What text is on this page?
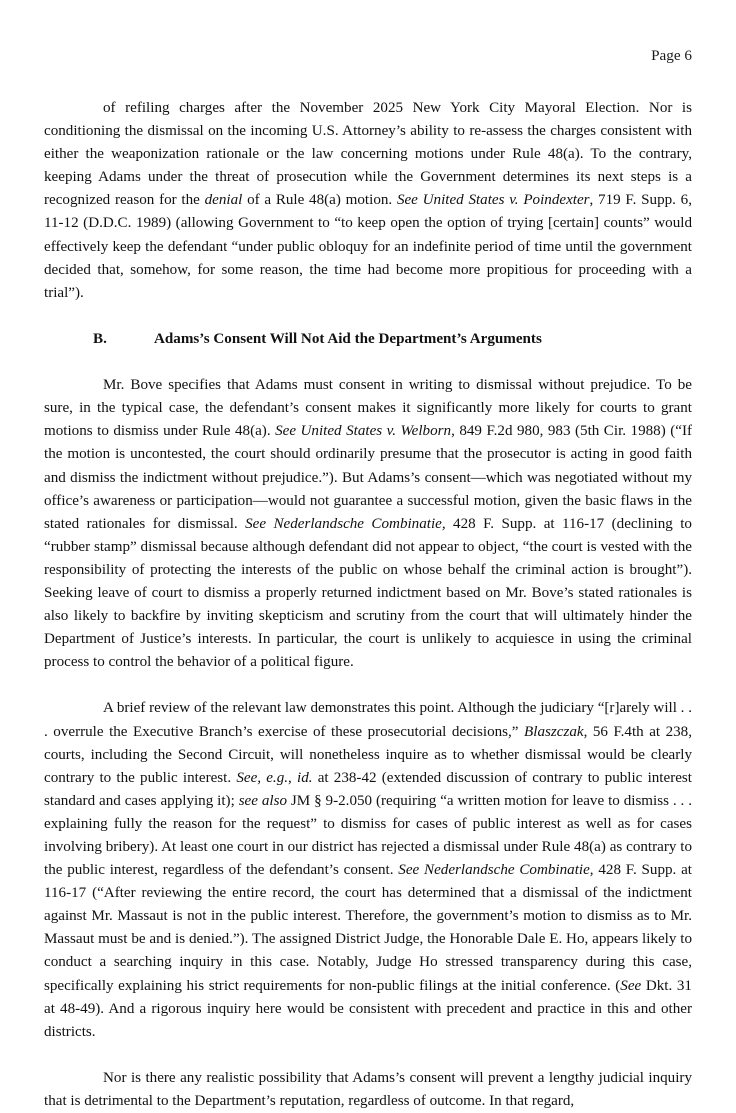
Page 6

of refiling charges after the November 2025 New York City Mayoral Election. Nor is conditioning the dismissal on the incoming U.S. Attorney’s ability to re-assess the charges consistent with either the weaponization rationale or the law concerning motions under Rule 48(a). To the contrary, keeping Adams under the threat of prosecution while the Government determines its next steps is a recognized reason for the denial of a Rule 48(a) motion. See United States v. Poindexter, 719 F. Supp. 6, 11-12 (D.D.C. 1989) (allowing Government to “to keep open the option of trying [certain] counts” would effectively keep the defendant “under public obloquy for an indefinite period of time until the government decided that, somehow, for some reason, the time had become more propitious for proceeding with a trial”).

B.	Adams’s Consent Will Not Aid the Department’s Arguments

Mr. Bove specifies that Adams must consent in writing to dismissal without prejudice. To be sure, in the typical case, the defendant’s consent makes it significantly more likely for courts to grant motions to dismiss under Rule 48(a). See United States v. Welborn, 849 F.2d 980, 983 (5th Cir. 1988) (“If the motion is uncontested, the court should ordinarily presume that the prosecutor is acting in good faith and dismiss the indictment without prejudice.”). But Adams’s consent—which was negotiated without my office’s awareness or participation—would not guarantee a successful motion, given the basic flaws in the stated rationales for dismissal. See Nederlandsche Combinatie, 428 F. Supp. at 116-17 (declining to “rubber stamp” dismissal because although defendant did not appear to object, “the court is vested with the responsibility of protecting the interests of the public on whose behalf the criminal action is brought”). Seeking leave of court to dismiss a properly returned indictment based on Mr. Bove’s stated rationales is also likely to backfire by inviting skepticism and scrutiny from the court that will ultimately hinder the Department of Justice’s interests. In particular, the court is unlikely to acquiesce in using the criminal process to control the behavior of a political figure.

A brief review of the relevant law demonstrates this point. Although the judiciary “[r]arely will . . . overrule the Executive Branch’s exercise of these prosecutorial decisions,” Blaszczak, 56 F.4th at 238, courts, including the Second Circuit, will nonetheless inquire as to whether dismissal would be clearly contrary to the public interest. See, e.g., id. at 238-42 (extended discussion of contrary to public interest standard and cases applying it); see also JM § 9-2.050 (requiring “a written motion for leave to dismiss . . . explaining fully the reason for the request” to dismiss for cases of public interest as well as for cases involving bribery). At least one court in our district has rejected a dismissal under Rule 48(a) as contrary to the public interest, regardless of the defendant’s consent. See Nederlandsche Combinatie, 428 F. Supp. at 116-17 (“After reviewing the entire record, the court has determined that a dismissal of the indictment against Mr. Massaut is not in the public interest. Therefore, the government’s motion to dismiss as to Mr. Massaut must be and is denied.”). The assigned District Judge, the Honorable Dale E. Ho, appears likely to conduct a searching inquiry in this case. Notably, Judge Ho stressed transparency during this case, specifically explaining his strict requirements for non-public filings at the initial conference. (See Dkt. 31 at 48-49). And a rigorous inquiry here would be consistent with precedent and practice in this and other districts.

Nor is there any realistic possibility that Adams’s consent will prevent a lengthy judicial inquiry that is detrimental to the Department’s reputation, regardless of outcome. In that regard,
